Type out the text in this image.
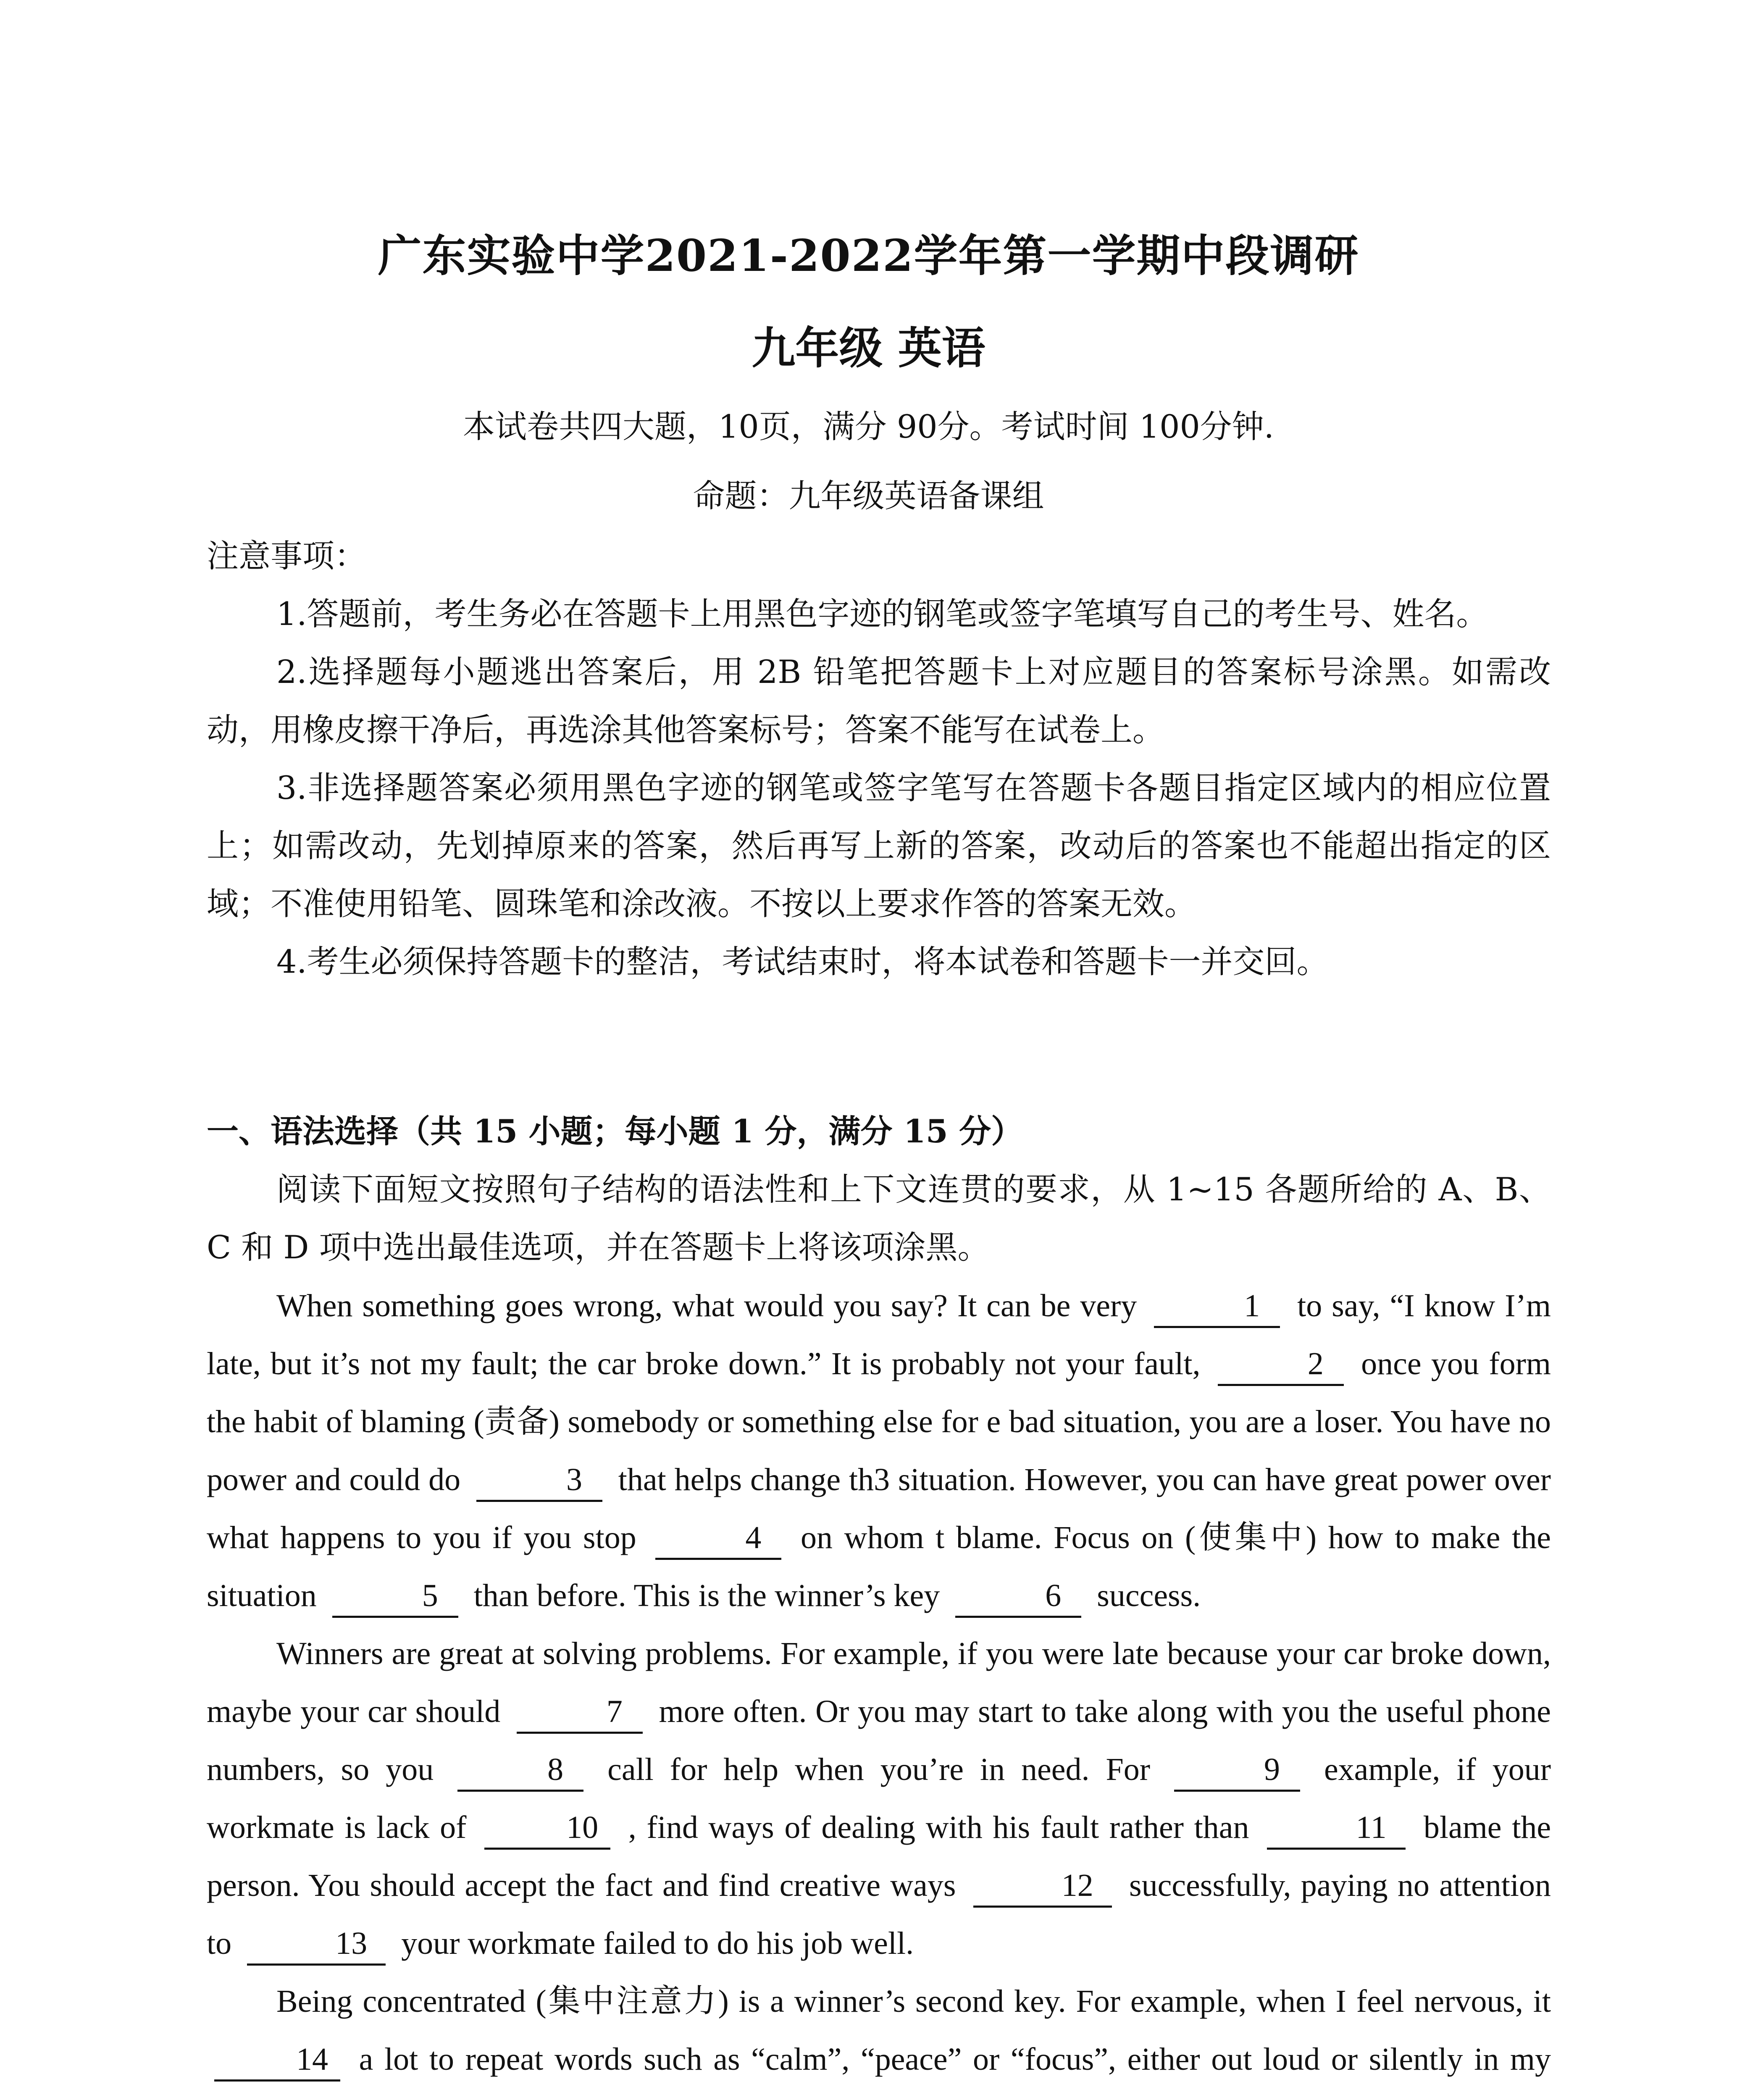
广东实验中学2021-2022学年第一学期中段调研
九年级 英语
本试卷共四大题，10页，满分 90分。考试时间 100分钟.
命题：九年级英语备课组

注意事项：

1.答题前，考生务必在答题卡上用黑色字迹的钢笔或签字笔填写自己的考生号、姓名。

2.选择题每小题逃出答案后，用 2B 铅笔把答题卡上对应题目的答案标号涂黑。如需改动，用橡皮擦干净后，再选涂其他答案标号；答案不能写在试卷上。

3.非选择题答案必须用黑色字迹的钢笔或签字笔写在答题卡各题目指定区域内的相应位置上；如需改动，先划掉原来的答案，然后再写上新的答案，改动后的答案也不能超出指定的区域；不准使用铅笔、圆珠笔和涂改液。不按以上要求作答的答案无效。

4.考生必须保持答题卡的整洁，考试结束时，将本试卷和答题卡一并交回。

一、语法选择（共 15 小题；每小题 1 分，满分 15 分）

阅读下面短文按照句子结构的语法性和上下文连贯的要求，从 1~15 各题所给的 A、B、C 和 D 项中选出最佳选项，并在答题卡上将该项涂黑。

When something goes wrong, what would you say? It can be very	1 to say, “I know I’m late, but it’s not my fault; the car broke down.” It is probably not your fault,	2 once you form the habit of blaming (责备) somebody or something else for e bad situation, you are a loser. You have no power and could do	3 that helps change th3 situation. However, you can have great power over what happens to you if you stop	4 on whom t blame. Focus on (使集中) how to make the situation	5 than before. This is the winner’s key	6 success.

Winners are great at solving problems. For example, if you were late because your car broke down, maybe your car should	7 more often. Or you may start to take along with you the useful phone numbers, so you	8 call for help when you’re in need. For	9 example, if your workmate is lack of	10 , find ways of dealing with his fault rather than	11 blame the person. You should accept the fact and find creative ways	12 successfully, paying no attention to	13 your workmate failed to do his job well.

Being concentrated (集中注意力) is a winner’s second key. For example, when I feel nervous, it 14 a lot to repeat words such as “calm”, “peace” or “focus”, either out loud or silently in my
